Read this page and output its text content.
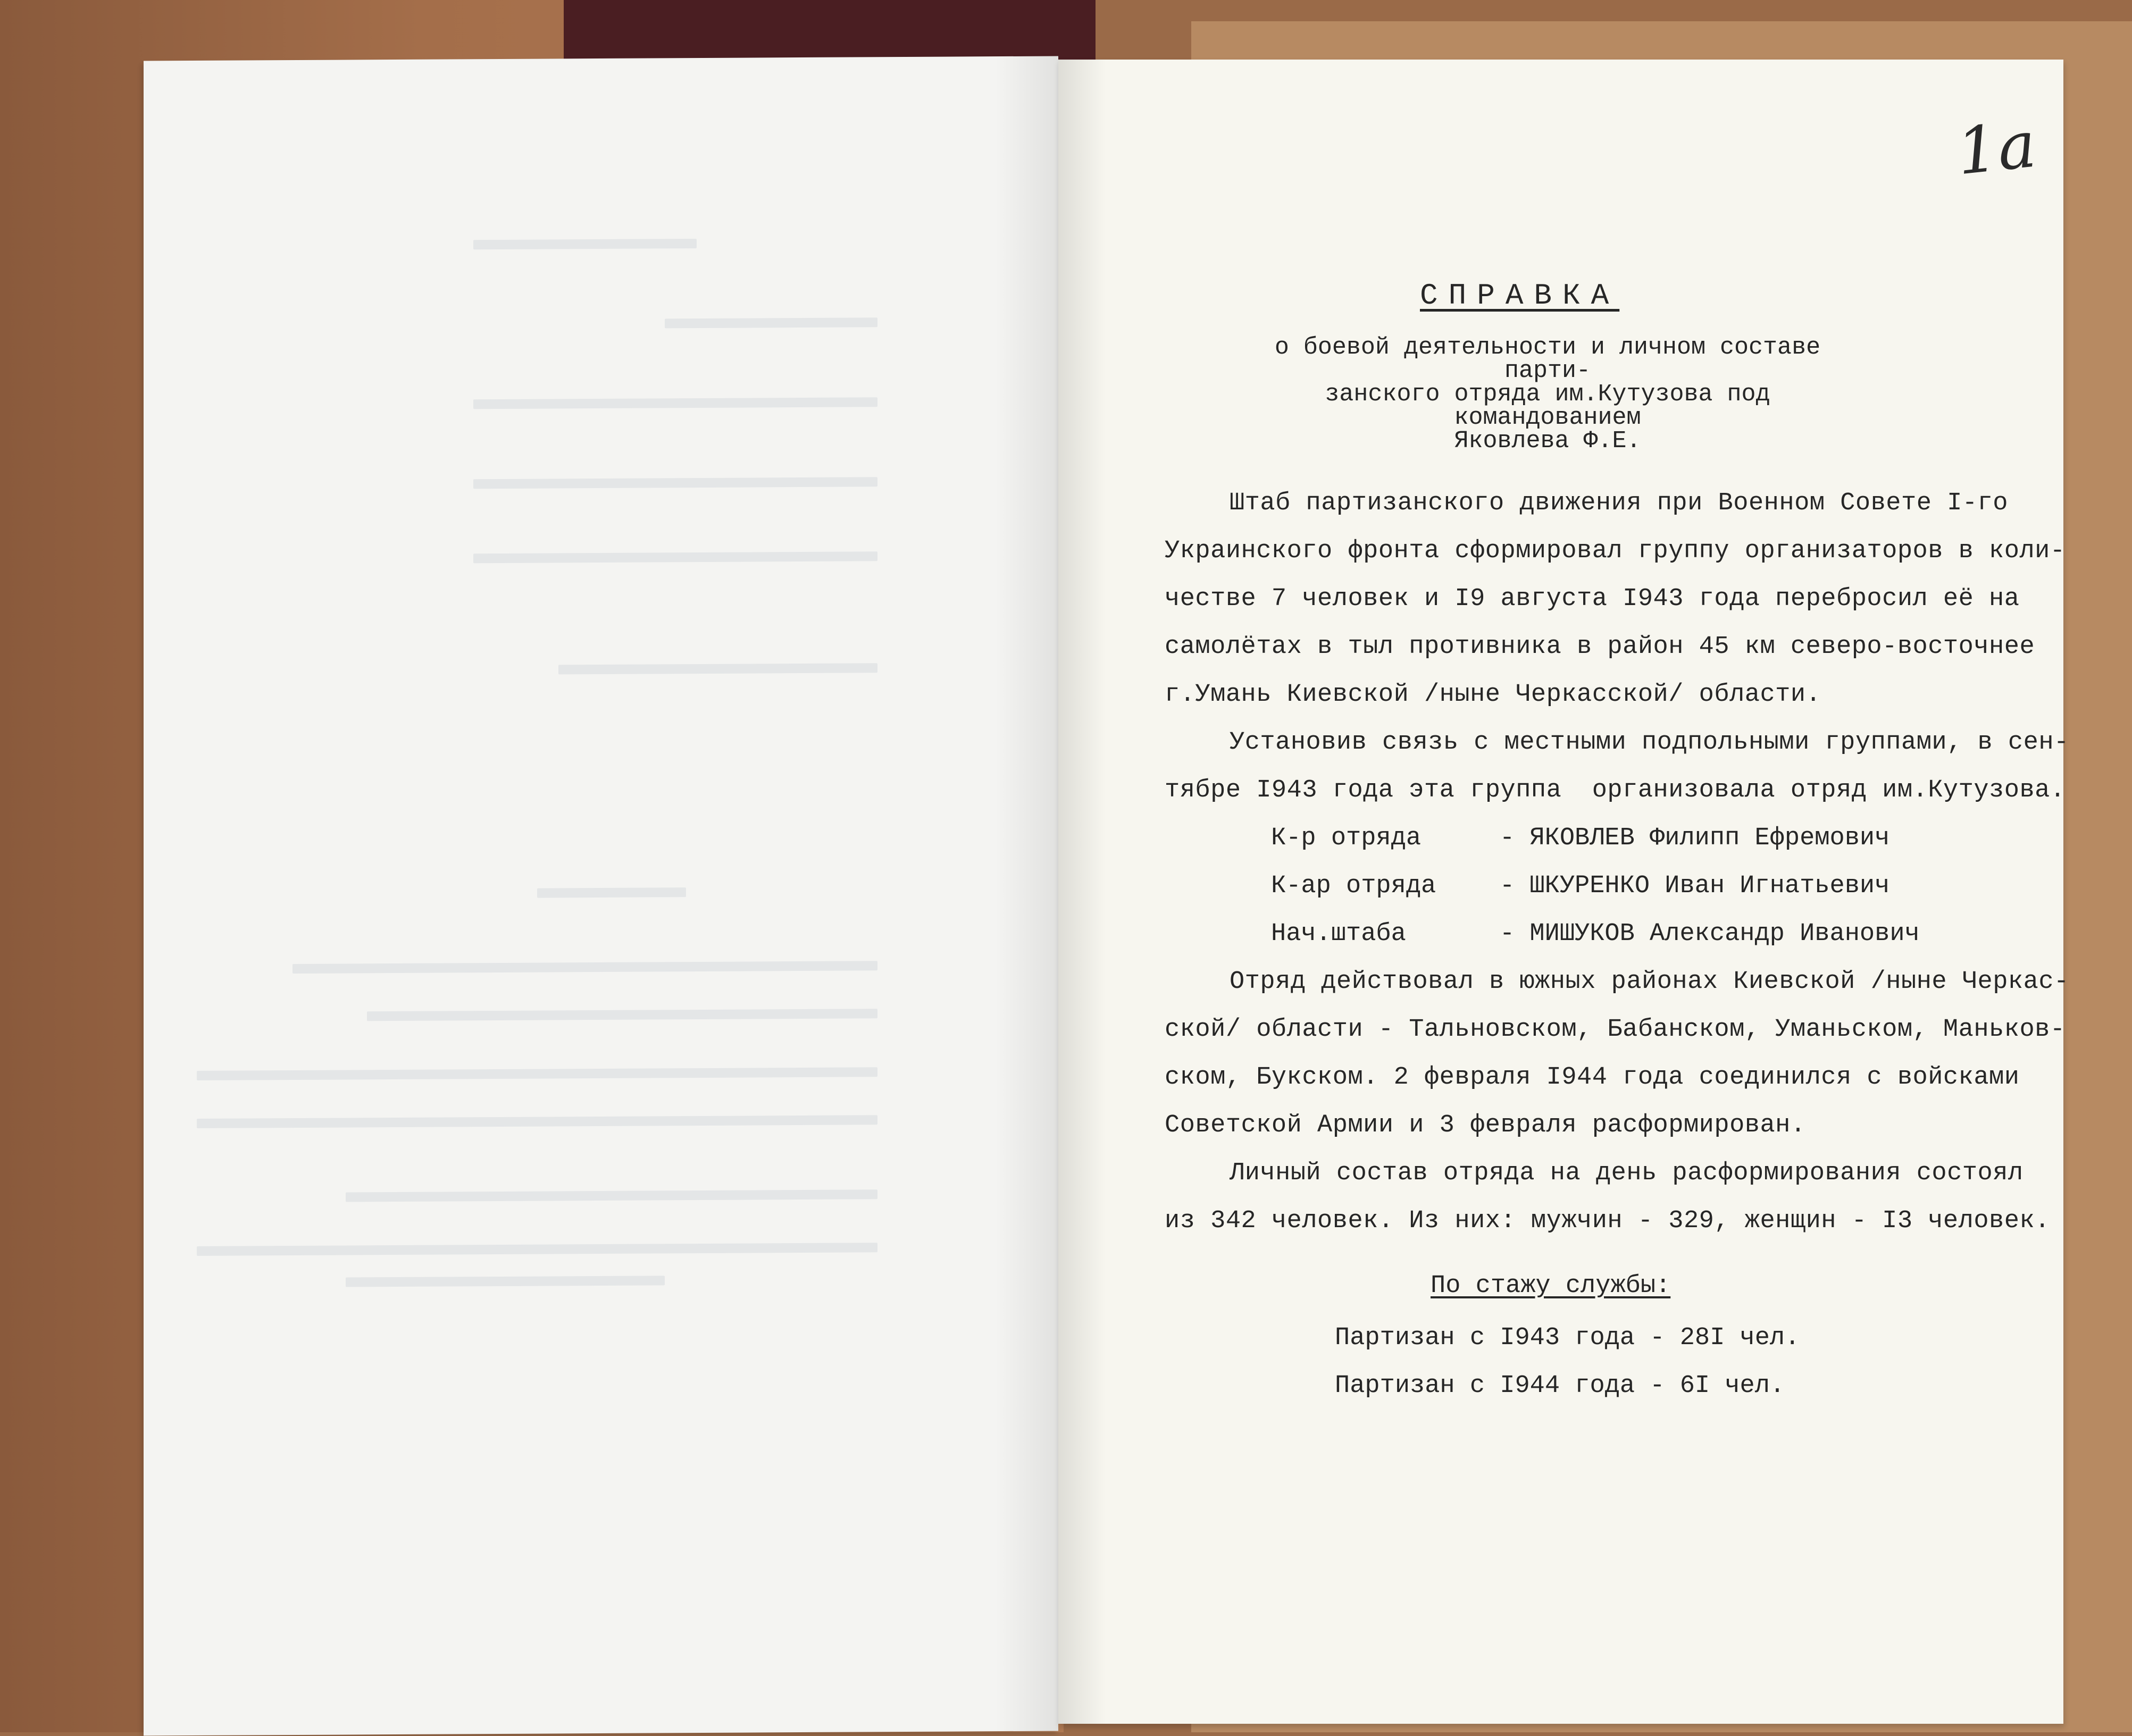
СПРАВКА
о боевой деятельности и личном составе парти-
занского отряда им.Кутузова под командованием
Яковлева Ф.Е.
Штаб партизанского движения при Военном Совете I-го
Украинского фронта сформировал группу организаторов в коли-
честве 7 человек и I9 августа I943 года перебросил её на
самолётах в тыл противника в район 45 км северо-восточнее
г.Умань Киевской /ныне Черкасской/ области.
Установив связь с местными подпольными группами, в сен-
тябре I943 года эта группа  организовала отряд им.Кутузова.
К-р отряда	- ЯКОВЛЕВ Филипп Ефремович
К-ар отряда	- ШКУРЕНКО Иван Игнатьевич
Нач.штаба	- МИШУКОВ Александр Иванович
Отряд действовал в южных районах Киевской /ныне Черкас-
ской/ области - Тальновском, Бабанском, Уманьском, Маньков-
ском, Букском. 2 февраля I944 года соединился с войсками
Советской Армии и 3 февраля расформирован.
Личный состав отряда на день расформирования состоял
из 342 человек. Из них: мужчин - 329, женщин - I3 человек.
По стажу службы:
Партизан с I943 года - 28I чел.
Партизан с I944 года - 6I чел.
1a
